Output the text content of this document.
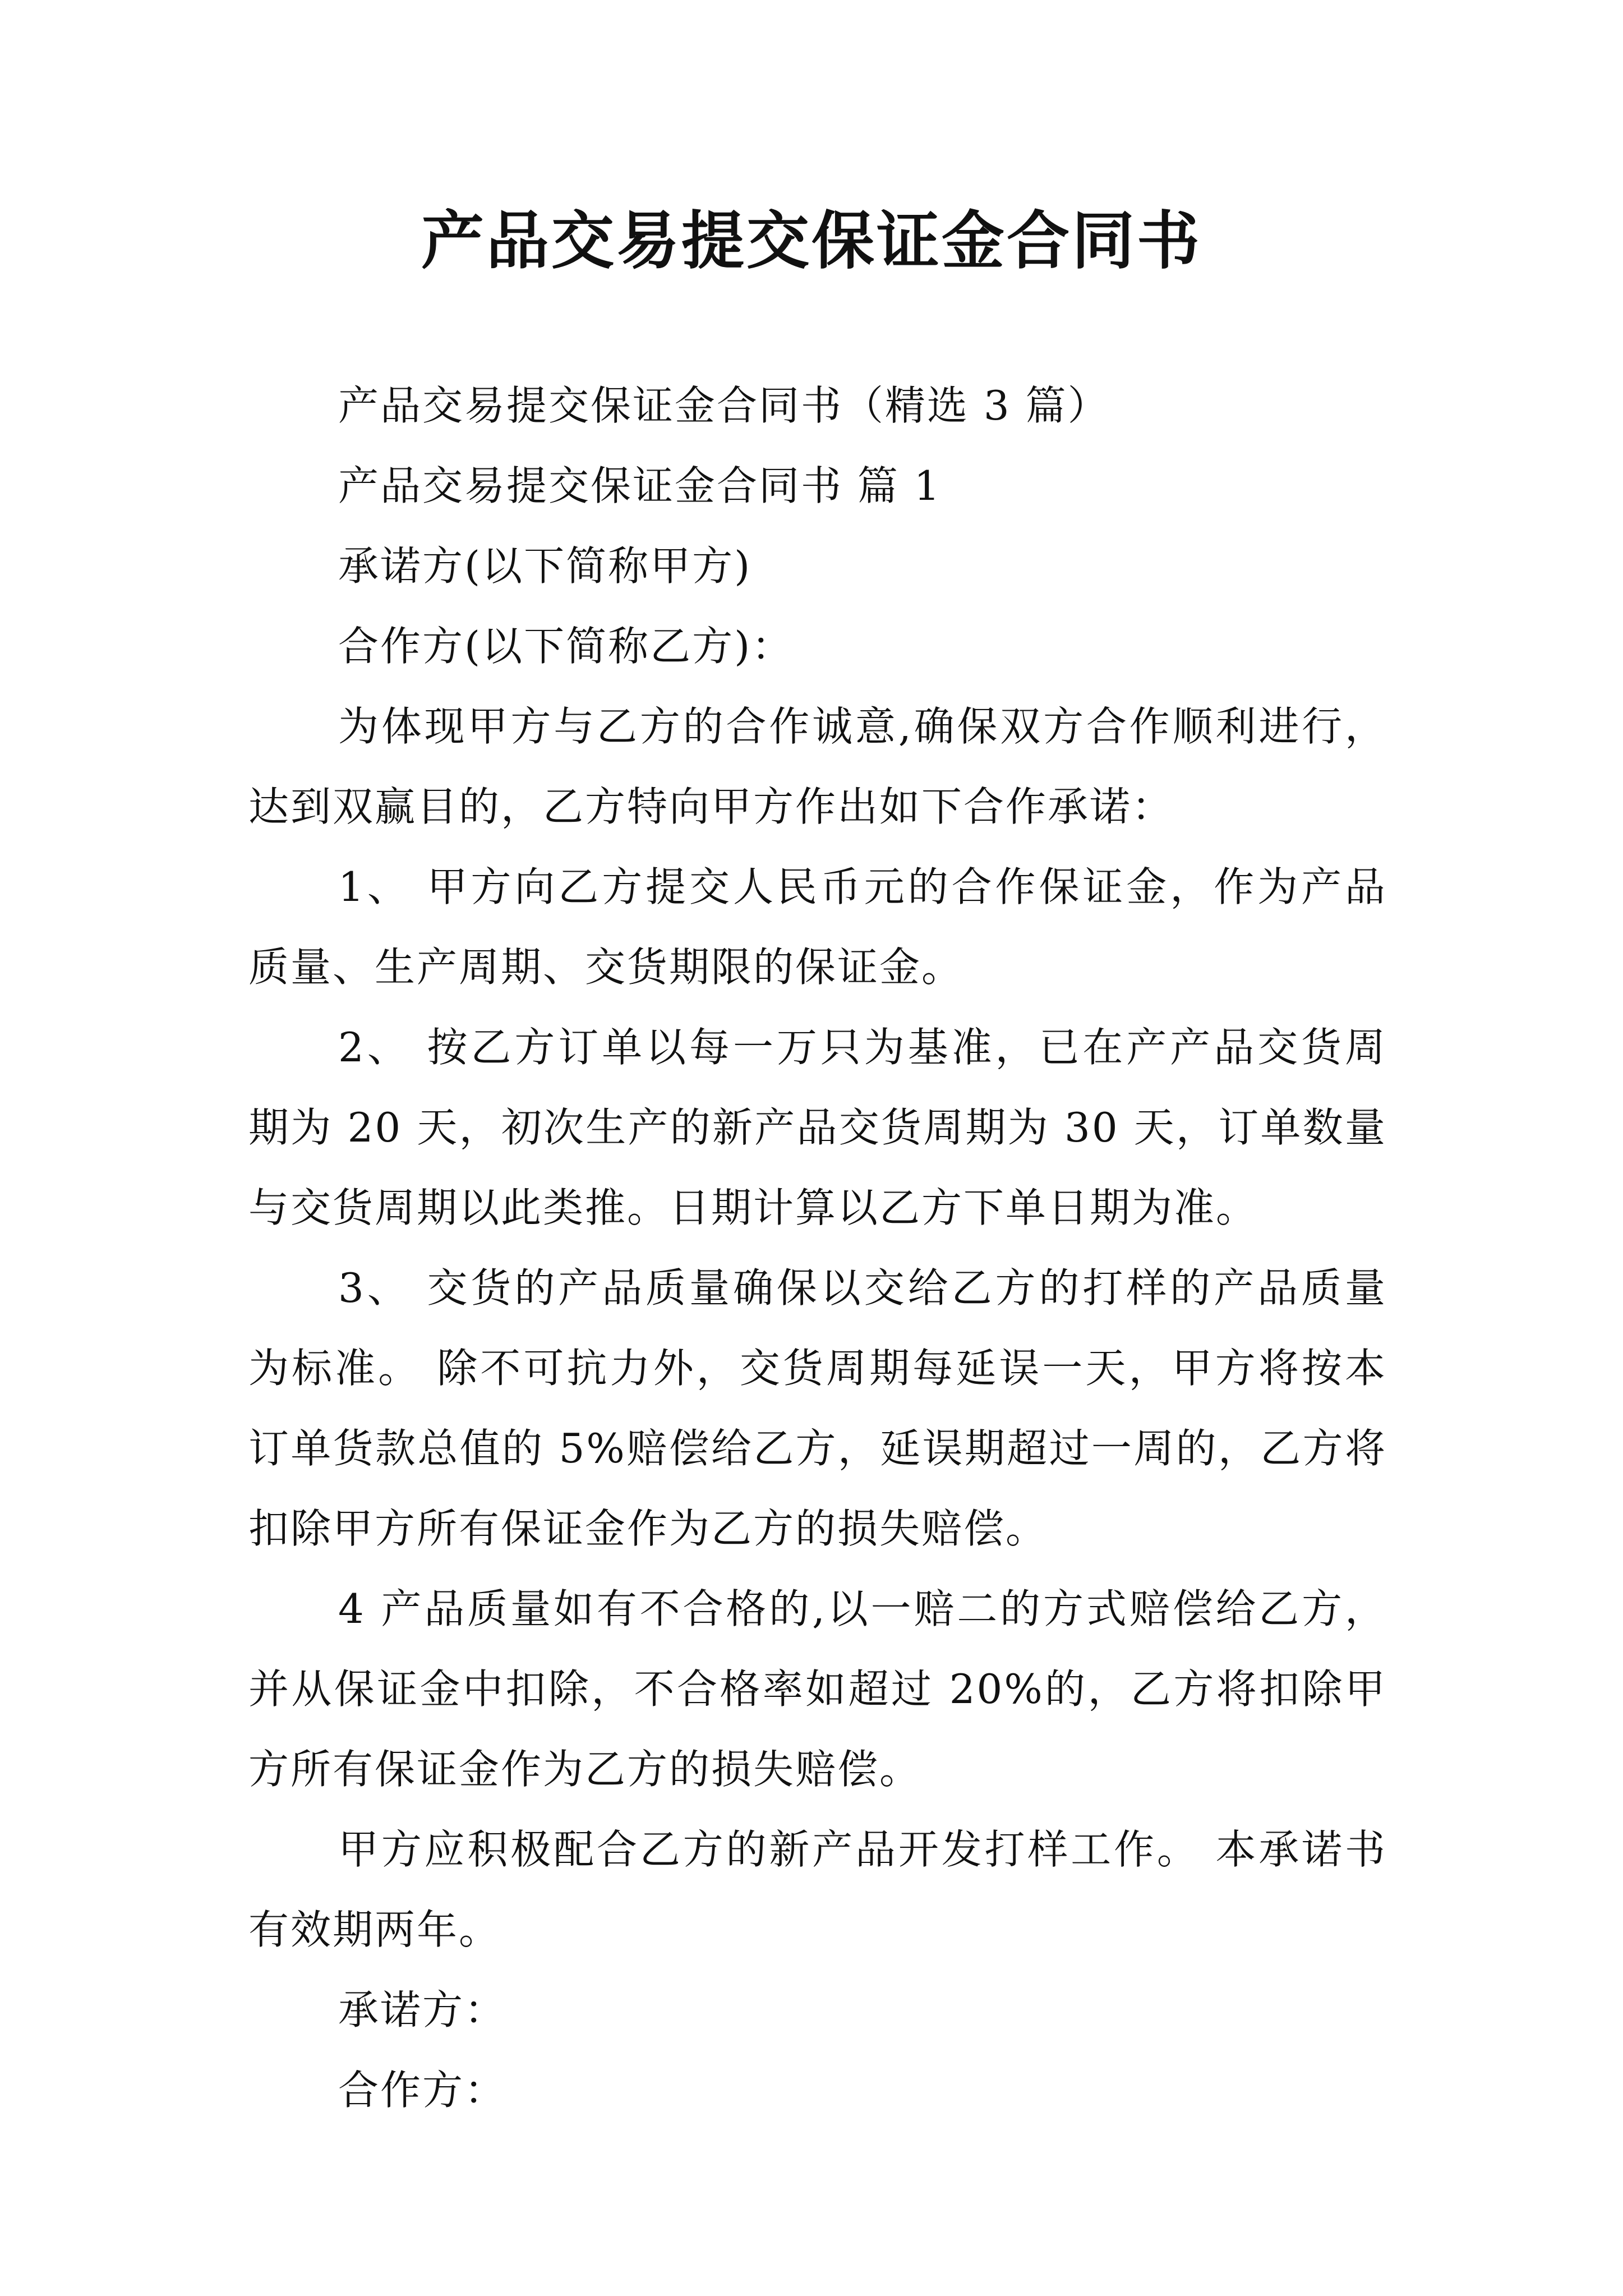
产品交易提交保证金合同书

产品交易提交保证金合同书（精选 3 篇）

产品交易提交保证金合同书 篇 1

承诺方(以下简称甲方)

合作方(以下简称乙方)：

为体现甲方与乙方的合作诚意,确保双方合作顺利进行，达到双赢目的，乙方特向甲方作出如下合作承诺：

1、 甲方向乙方提交人民币元的合作保证金，作为产品质量、生产周期、交货期限的保证金。

2、 按乙方订单以每一万只为基准，已在产产品交货周期为 20 天，初次生产的新产品交货周期为 30 天，订单数量与交货周期以此类推。日期计算以乙方下单日期为准。

3、 交货的产品质量确保以交给乙方的打样的产品质量为标准。 除不可抗力外，交货周期每延误一天，甲方将按本订单货款总值的 5%赔偿给乙方，延误期超过一周的，乙方将扣除甲方所有保证金作为乙方的损失赔偿。

4 产品质量如有不合格的,以一赔二的方式赔偿给乙方，并从保证金中扣除，不合格率如超过 20%的，乙方将扣除甲方所有保证金作为乙方的损失赔偿。

甲方应积极配合乙方的新产品开发打样工作。 本承诺书有效期两年。

承诺方：

合作方：
